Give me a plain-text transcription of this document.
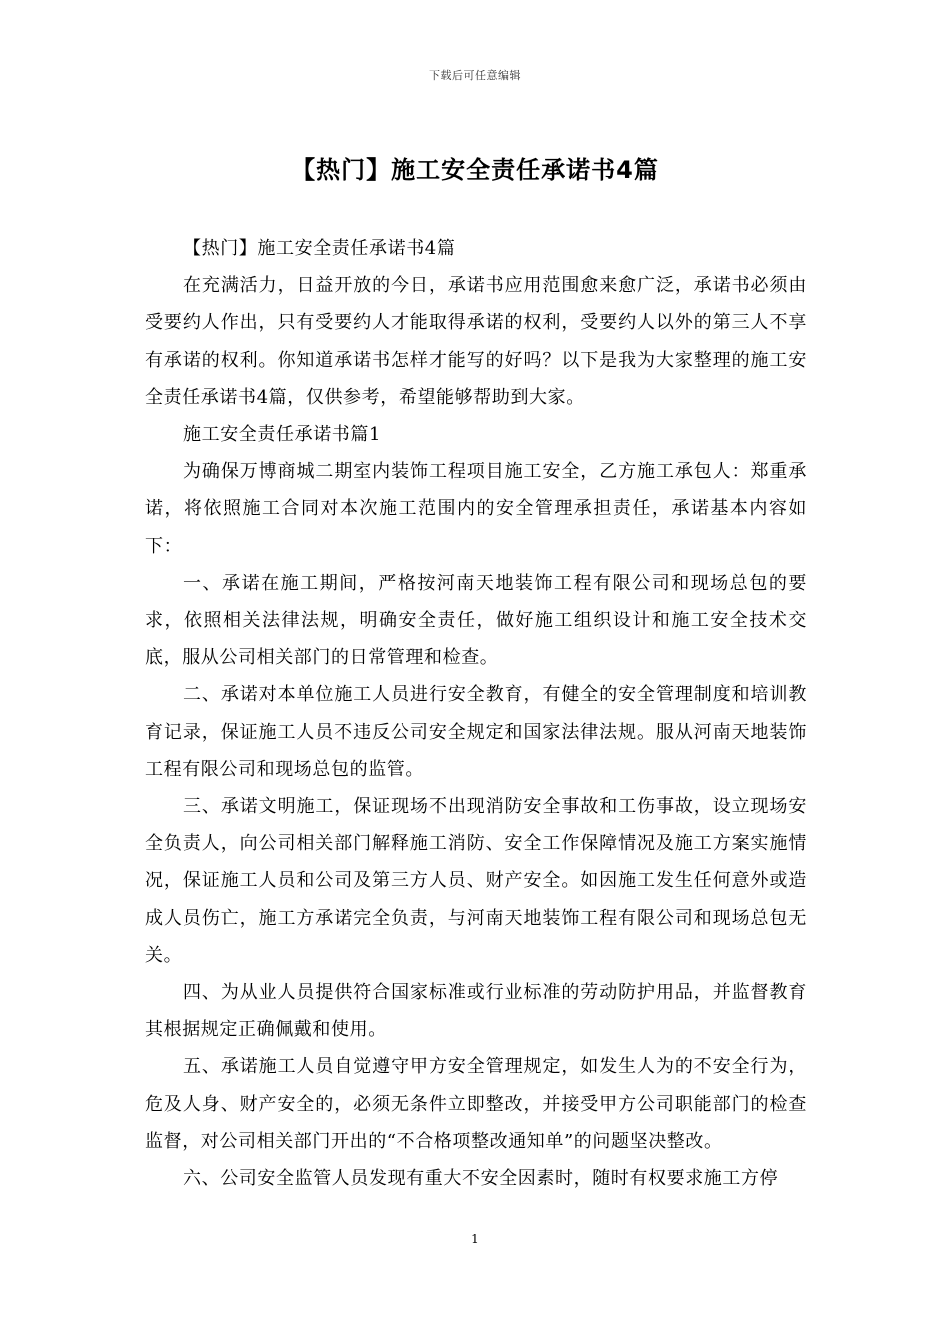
下载后可任意编辑
【热门】施工安全责任承诺书4篇

【热门】施工安全责任承诺书4篇

在充满活力，日益开放的今日，承诺书应用范围愈来愈广泛，承诺书必须由受要约人作出，只有受要约人才能取得承诺的权利，受要约人以外的第三人不享有承诺的权利。你知道承诺书怎样才能写的好吗？以下是我为大家整理的施工安全责任承诺书4篇，仅供参考，希望能够帮助到大家。

施工安全责任承诺书篇1

为确保万博商城二期室内装饰工程项目施工安全，乙方施工承包人：郑重承诺，将依照施工合同对本次施工范围内的安全管理承担责任，承诺基本内容如下：

一、承诺在施工期间，严格按河南天地装饰工程有限公司和现场总包的要求，依照相关法律法规，明确安全责任，做好施工组织设计和施工安全技术交底，服从公司相关部门的日常管理和检查。

二、承诺对本单位施工人员进行安全教育，有健全的安全管理制度和培训教育记录，保证施工人员不违反公司安全规定和国家法律法规。服从河南天地装饰工程有限公司和现场总包的监管。

三、承诺文明施工，保证现场不出现消防安全事故和工伤事故，设立现场安全负责人，向公司相关部门解释施工消防、安全工作保障情况及施工方案实施情况，保证施工人员和公司及第三方人员、财产安全。如因施工发生任何意外或造成人员伤亡，施工方承诺完全负责，与河南天地装饰工程有限公司和现场总包无关。

四、为从业人员提供符合国家标准或行业标准的劳动防护用品，并监督教育其根据规定正确佩戴和使用。

五、承诺施工人员自觉遵守甲方安全管理规定，如发生人为的不安全行为，危及人身、财产安全的，必须无条件立即整改，并接受甲方公司职能部门的检查监督，对公司相关部门开出的“不合格项整改通知单”的问题坚决整改。

六、公司安全监管人员发现有重大不安全因素时，随时有权要求施工方停

1
